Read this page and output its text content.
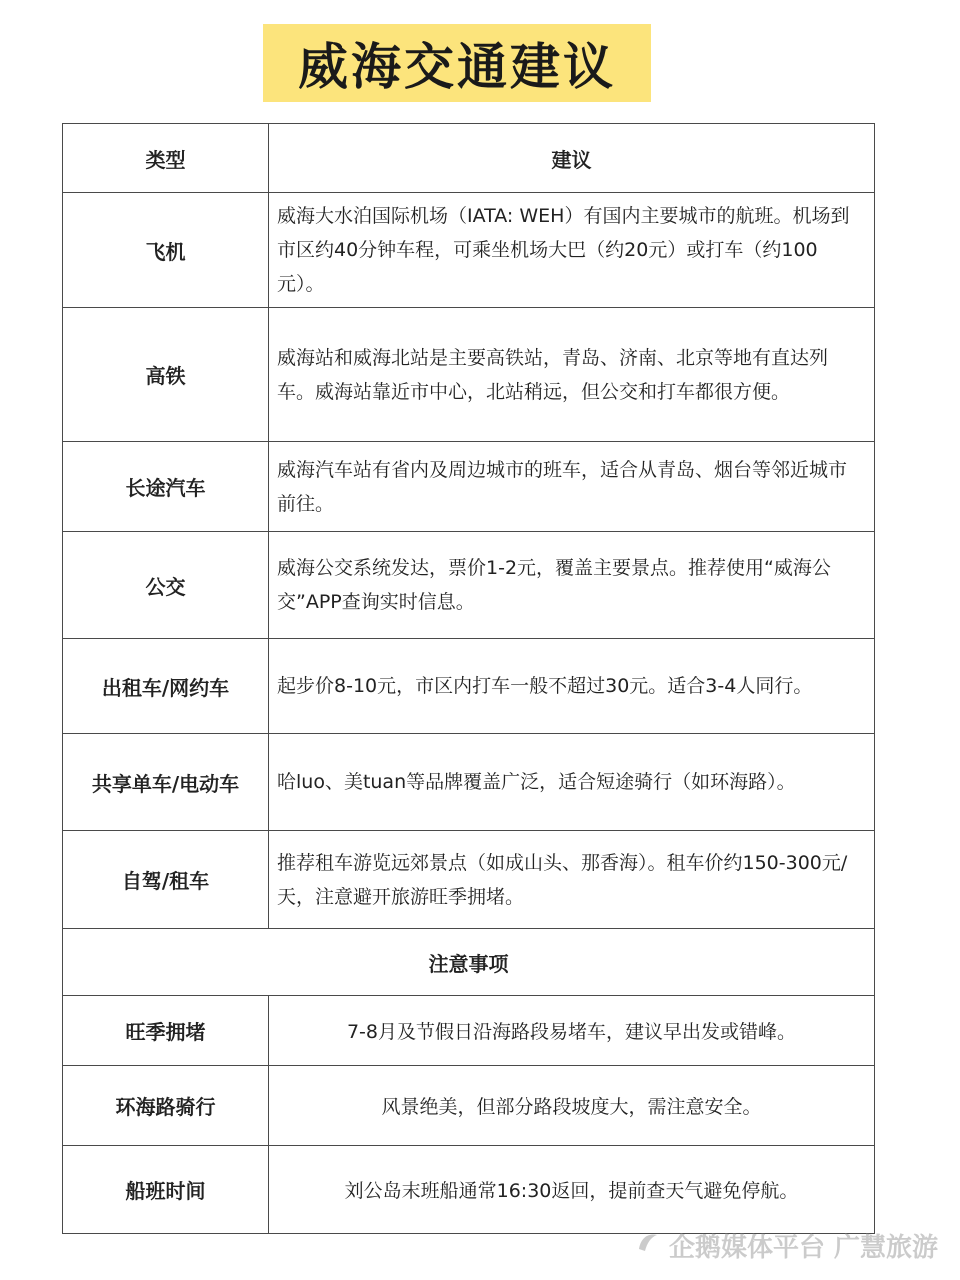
威海交通建议
类型	建议
飞机	威海大水泊国际机场（IATA: WEH）有国内主要城市的航班。机场到市区约40分钟车程，可乘坐机场大巴（约20元）或打车（约100元）。
高铁	威海站和威海北站是主要高铁站，青岛、济南、北京等地有直达列车。威海站靠近市中心，北站稍远，但公交和打车都很方便。
长途汽车	威海汽车站有省内及周边城市的班车，适合从青岛、烟台等邻近城市前往。
公交	威海公交系统发达，票价1-2元，覆盖主要景点。推荐使用“威海公交”APP查询实时信息。
出租车/网约车	起步价8-10元，市区内打车一般不超过30元。适合3-4人同行。
共享单车/电动车	哈luo、美tuan等品牌覆盖广泛，适合短途骑行（如环海路）。
自驾/租车	推荐租车游览远郊景点（如成山头、那香海）。租车价约150-300元/天，注意避开旅游旺季拥堵。
注意事项	
旺季拥堵	7-8月及节假日沿海路段易堵车，建议早出发或错峰。
环海路骑行	风景绝美，但部分路段坡度大，需注意安全。
船班时间	刘公岛末班船通常16:30返回，提前查天气避免停航。
企鹅媒体平台 广慧旅游
